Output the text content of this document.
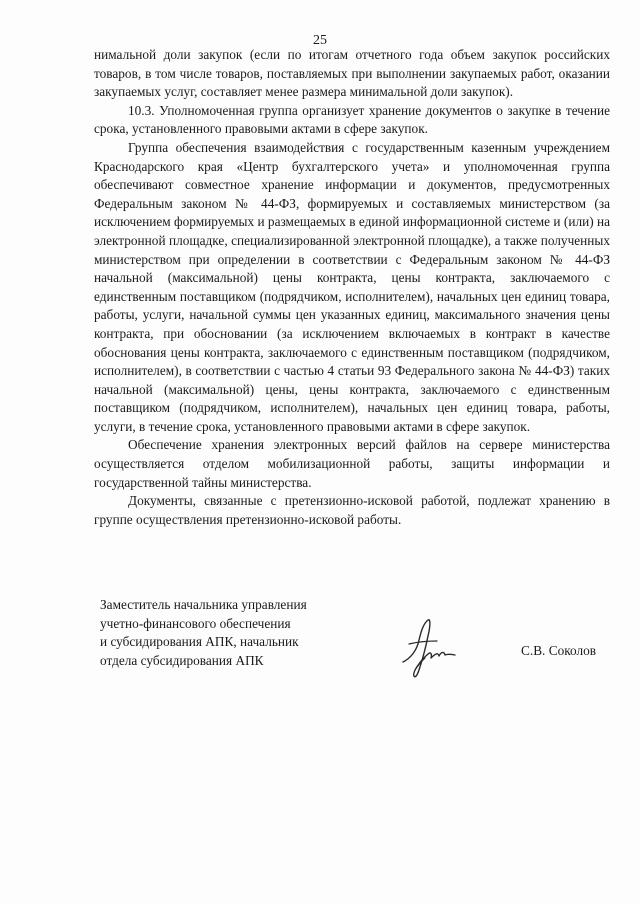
25

нимальной доли закупок (если по итогам отчетного года объем закупок российских товаров, в том числе товаров, поставляемых при выполнении закупаемых работ, оказании закупаемых услуг, составляет менее размера минимальной доли закупок).

10.3. Уполномоченная группа организует хранение документов о закупке в течение срока, установленного правовыми актами в сфере закупок.

Группа обеспечения взаимодействия с государственным казенным учреждением Краснодарского края «Центр бухгалтерского учета» и уполномоченная группа обеспечивают совместное хранение информации и документов, предусмотренных Федеральным законом № 44-ФЗ, формируемых и составляемых министерством (за исключением формируемых и размещаемых в единой информационной системе и (или) на электронной площадке, специализированной электронной площадке), а также полученных министерством при определении в соответствии с Федеральным законом № 44-ФЗ начальной (максимальной) цены контракта, цены контракта, заключаемого с единственным поставщиком (подрядчиком, исполнителем), начальных цен единиц товара, работы, услуги, начальной суммы цен указанных единиц, максимального значения цены контракта, при обосновании (за исключением включаемых в контракт в качестве обоснования цены контракта, заключаемого с единственным поставщиком (подрядчиком, исполнителем), в соответствии с частью 4 статьи 93 Федерального закона № 44-ФЗ) таких начальной (максимальной) цены, цены контракта, заключаемого с единственным поставщиком (подрядчиком, исполнителем), начальных цен единиц товара, работы, услуги, в течение срока, установленного правовыми актами в сфере закупок.

Обеспечение хранения электронных версий файлов на сервере министерства осуществляется отделом мобилизационной работы, защиты информации и государственной тайны министерства.

Документы, связанные с претензионно-исковой работой, подлежат хранению в группе осуществления претензионно-исковой работы.

Заместитель начальника управления
учетно-финансового обеспечения
и субсидирования АПК, начальник
отдела субсидирования АПК
С.В. Соколов
